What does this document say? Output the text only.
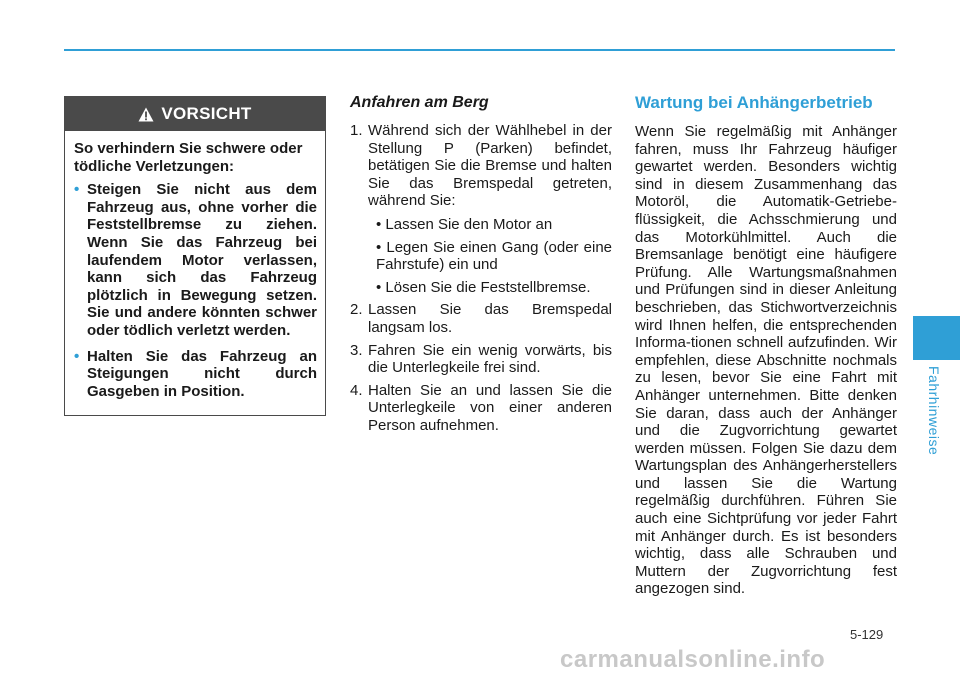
Fahrhinweise
VORSICHT

So verhindern Sie schwere oder tödliche Verletzungen:

• Steigen Sie nicht aus dem Fahrzeug aus, ohne vorher die Feststellbremse zu ziehen. Wenn Sie das Fahrzeug bei laufendem Motor verlassen, kann sich das Fahrzeug plötzlich in Bewegung setzen. Sie und andere könnten schwer oder tödlich verletzt werden.
• Halten Sie das Fahrzeug an Steigungen nicht durch Gasgeben in Position.
Anfahren am Berg
1. Während sich der Wählhebel in der Stellung P (Parken) befindet, betätigen Sie die Bremse und halten Sie das Bremspedal getreten, während Sie:
• Lassen Sie den Motor an
• Legen Sie einen Gang (oder eine Fahrstufe) ein und
• Lösen Sie die Feststellbremse.
2. Lassen Sie das Bremspedal langsam los.
3. Fahren Sie ein wenig vorwärts, bis die Unterlegkeile frei sind.
4. Halten Sie an und lassen Sie die Unterlegkeile von einer anderen Person aufnehmen.
Wartung bei Anhängerbetrieb

Wenn Sie regelmäßig mit Anhänger fahren, muss Ihr Fahrzeug häufiger gewartet werden. Besonders wichtig sind in diesem Zusammenhang das Motoröl, die Automatik-Getriebe-flüssigkeit, die Achsschmierung und das Motorkühlmittel. Auch die Bremsanlage benötigt eine häufigere Prüfung. Alle Wartungsmaßnahmen und Prüfungen sind in dieser Anleitung beschrieben, das Stichwortverzeichnis wird Ihnen helfen, die entsprechenden Informa-tionen schnell aufzufinden. Wir empfehlen, diese Abschnitte nochmals zu lesen, bevor Sie eine Fahrt mit Anhänger unternehmen. Bitte denken Sie daran, dass auch der Anhänger und die Zugvorrichtung gewartet werden müssen. Folgen Sie dazu dem Wartungsplan des Anhängerherstellers und lassen Sie die Wartung regelmäßig durchführen. Führen Sie auch eine Sichtprüfung vor jeder Fahrt mit Anhänger durch. Es ist besonders wichtig, dass alle Schrauben und Muttern der Zugvorrichtung fest angezogen sind.

5-129
carmanualsonline.info
